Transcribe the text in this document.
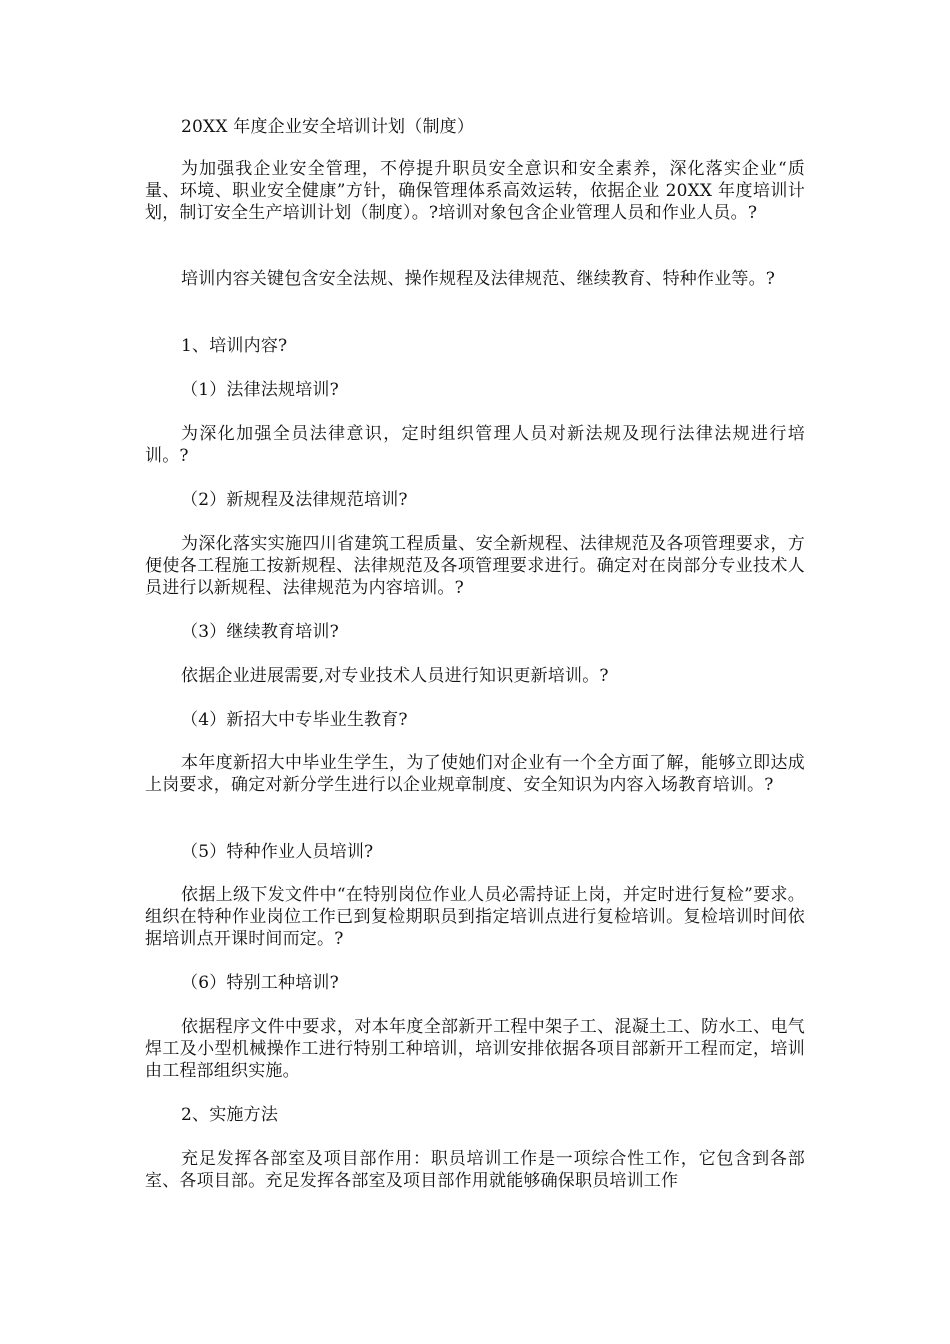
20XX 年度企业安全培训计划（制度）

为加强我企业安全管理，不停提升职员安全意识和安全素养，深化落实企业“质量、环境、职业安全健康”方针，确保管理体系高效运转，依据企业 20XX 年度培训计划，制订安全生产培训计划（制度）。?培训对象包含企业管理人员和作业人员。?

培训内容关键包含安全法规、操作规程及法律规范、继续教育、特种作业等。?

1、培训内容?

（1）法律法规培训?

为深化加强全员法律意识，定时组织管理人员对新法规及现行法律法规进行培训。?

（2）新规程及法律规范培训?

为深化落实实施四川省建筑工程质量、安全新规程、法律规范及各项管理要求，方便使各工程施工按新规程、法律规范及各项管理要求进行。确定对在岗部分专业技术人员进行以新规程、法律规范为内容培训。?

（3）继续教育培训?

依据企业进展需要,对专业技术人员进行知识更新培训。?

（4）新招大中专毕业生教育?

本年度新招大中毕业生学生，为了使她们对企业有一个全方面了解，能够立即达成上岗要求，确定对新分学生进行以企业规章制度、安全知识为内容入场教育培训。?

（5）特种作业人员培训?

依据上级下发文件中“在特别岗位作业人员必需持证上岗，并定时进行复检”要求。组织在特种作业岗位工作已到复检期职员到指定培训点进行复检培训。复检培训时间依据培训点开课时间而定。?

（6）特别工种培训?

依据程序文件中要求，对本年度全部新开工程中架子工、混凝土工、防水工、电气焊工及小型机械操作工进行特别工种培训，培训安排依据各项目部新开工程而定，培训由工程部组织实施。

2、实施方法

充足发挥各部室及项目部作用：职员培训工作是一项综合性工作，它包含到各部室、各项目部。充足发挥各部室及项目部作用就能够确保职员培训工作
